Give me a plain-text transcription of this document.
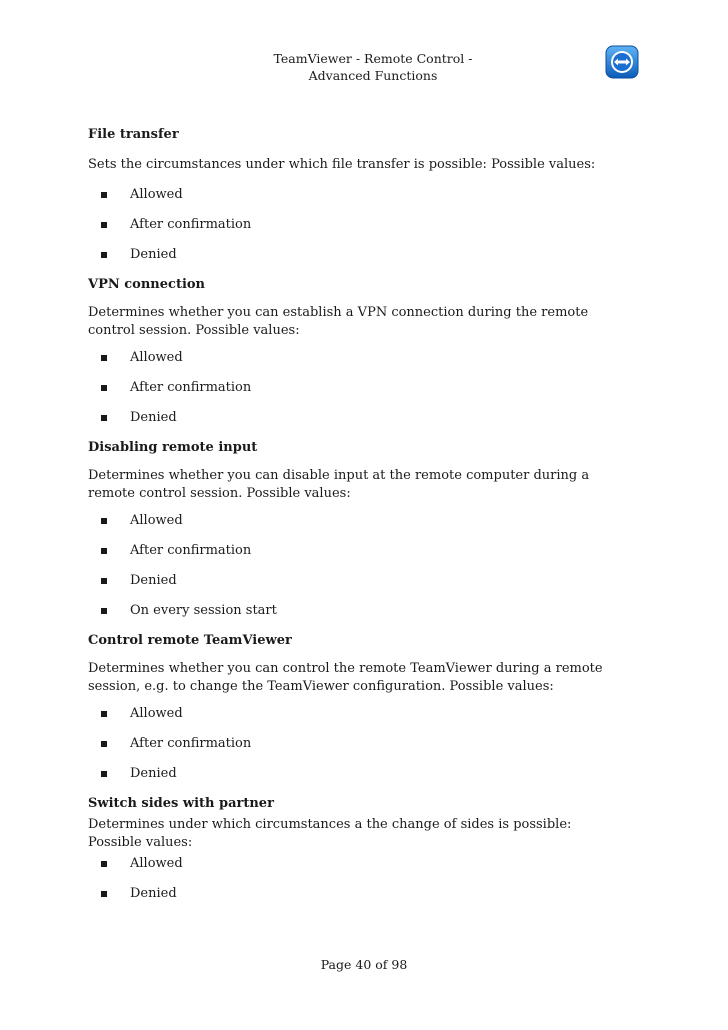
TeamViewer - Remote Control -
Advanced Functions

File transfer

Sets the circumstances under which file transfer is possible: Possible values:

Allowed
After confirmation
Denied

VPN connection

Determines whether you can establish a VPN connection during the remote control session. Possible values:

Allowed
After confirmation
Denied

Disabling remote input

Determines whether you can disable input at the remote computer during a remote control session. Possible values:

Allowed
After confirmation
Denied
On every session start

Control remote TeamViewer

Determines whether you can control the remote TeamViewer during a remote session, e.g. to change the TeamViewer configuration. Possible values:

Allowed
After confirmation
Denied

Switch sides with partner

Determines under which circumstances a the change of sides is possible: Possible values:

Allowed
Denied
Page 40 of 98
